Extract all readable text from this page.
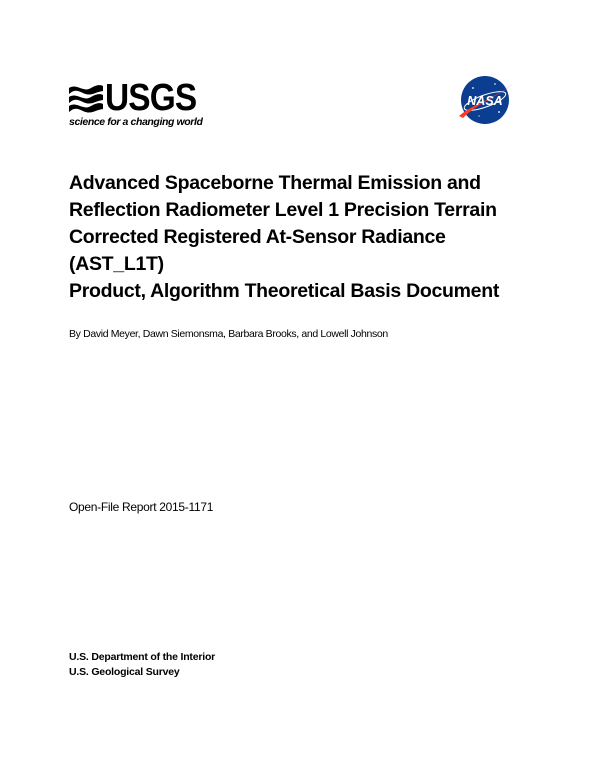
USGS
science for a changing world
NASA
Advanced Spaceborne Thermal Emission and
Reflection Radiometer Level 1 Precision Terrain
Corrected Registered At-Sensor Radiance (AST_L1T)
Product, Algorithm Theoretical Basis Document

By David Meyer, Dawn Siemonsma, Barbara Brooks, and Lowell Johnson

Open-File Report 2015-1171

U.S. Department of the Interior

U.S. Geological Survey
